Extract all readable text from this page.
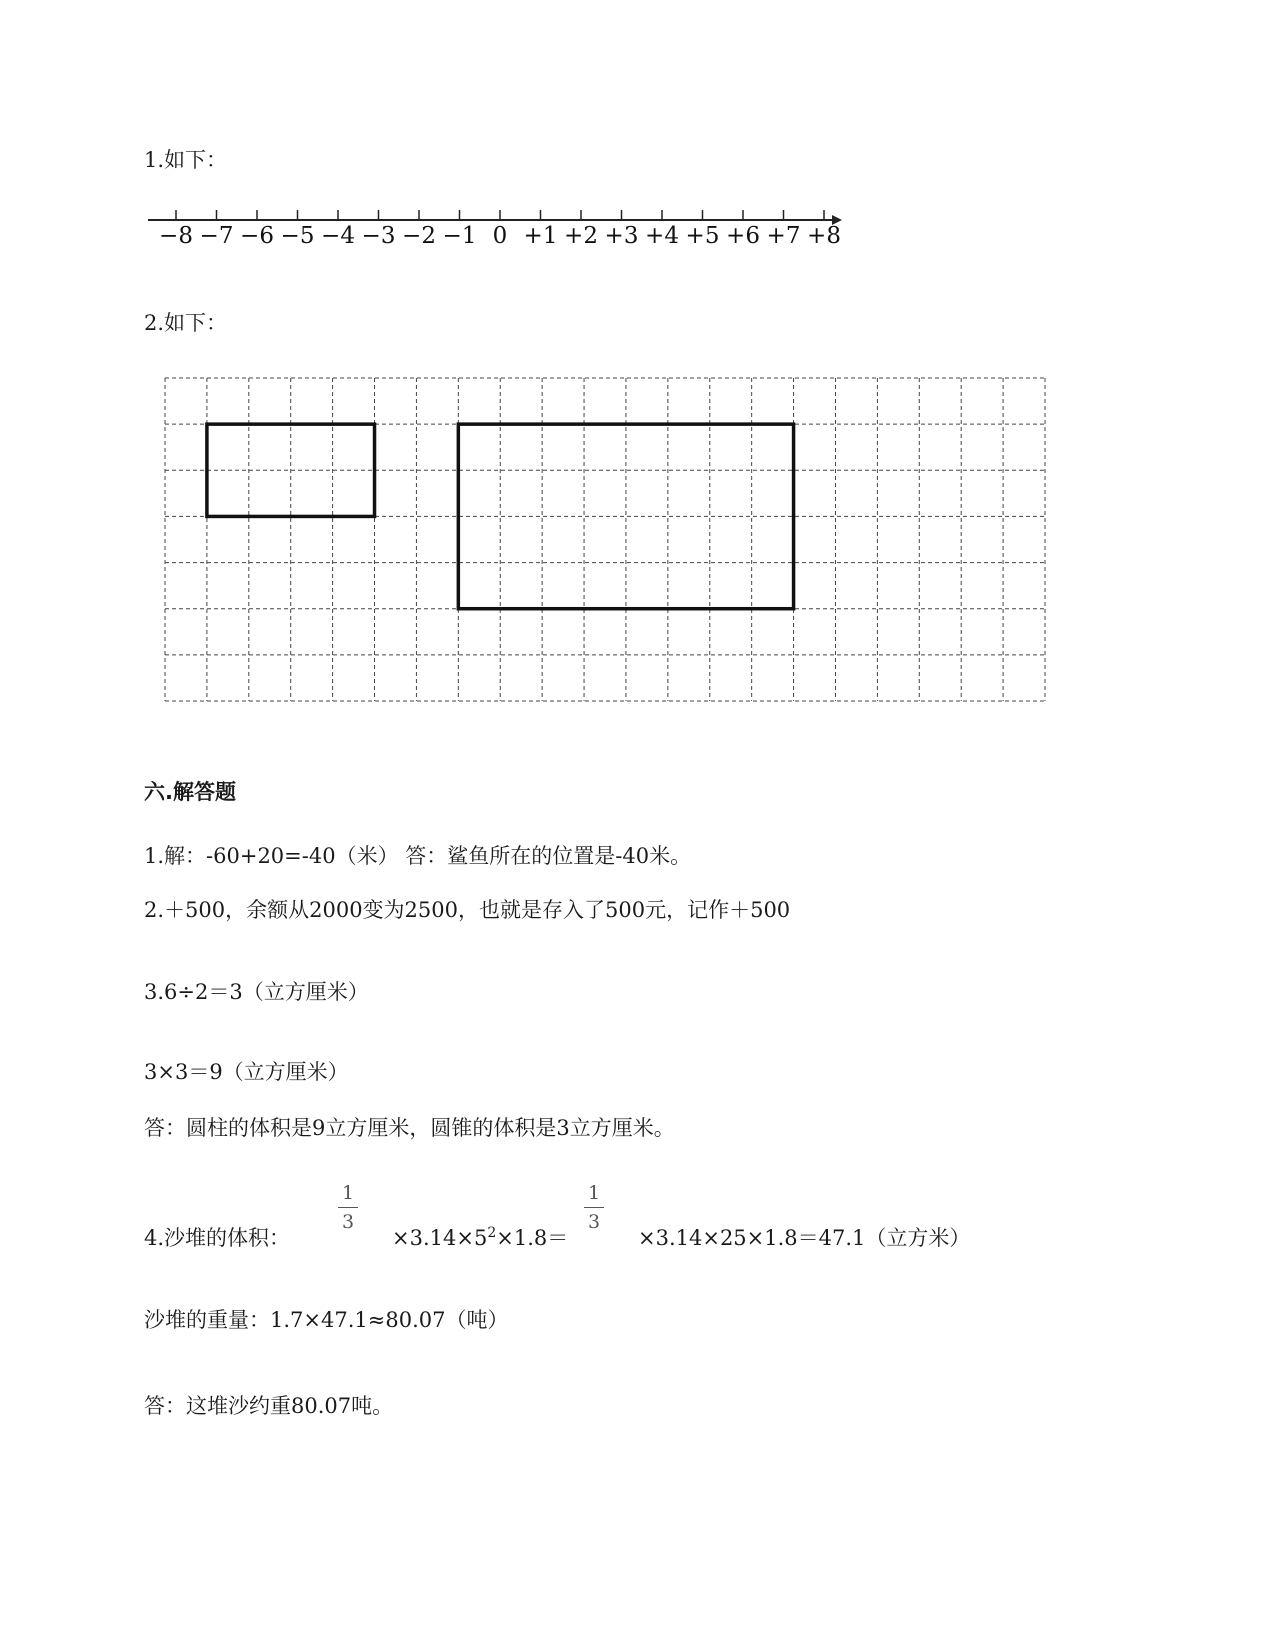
1.如下：
−8 −7 −6 −5 −4 −3 −2 −1 0 +1 +2 +3 +4 +5 +6 +7 +8
2.如下：
六.解答题
1.解：-60+20=-40（米） 答：鲨鱼所在的位置是-40米。
2.＋500，余额从2000变为2500，也就是存入了500元，记作＋500
3.6÷2＝3（立方厘米）
3×3＝9（立方厘米）
答：圆柱的体积是9立方厘米，圆锥的体积是3立方厘米。
4.沙堆的体积：
1
3
$\times 3.14\times 5^2\times 1.8=$
1
3
×3.14×25×1.8＝47.1（立方米）
沙堆的重量：1.7×47.1≈80.07（吨）
答：这堆沙约重80.07吨。
